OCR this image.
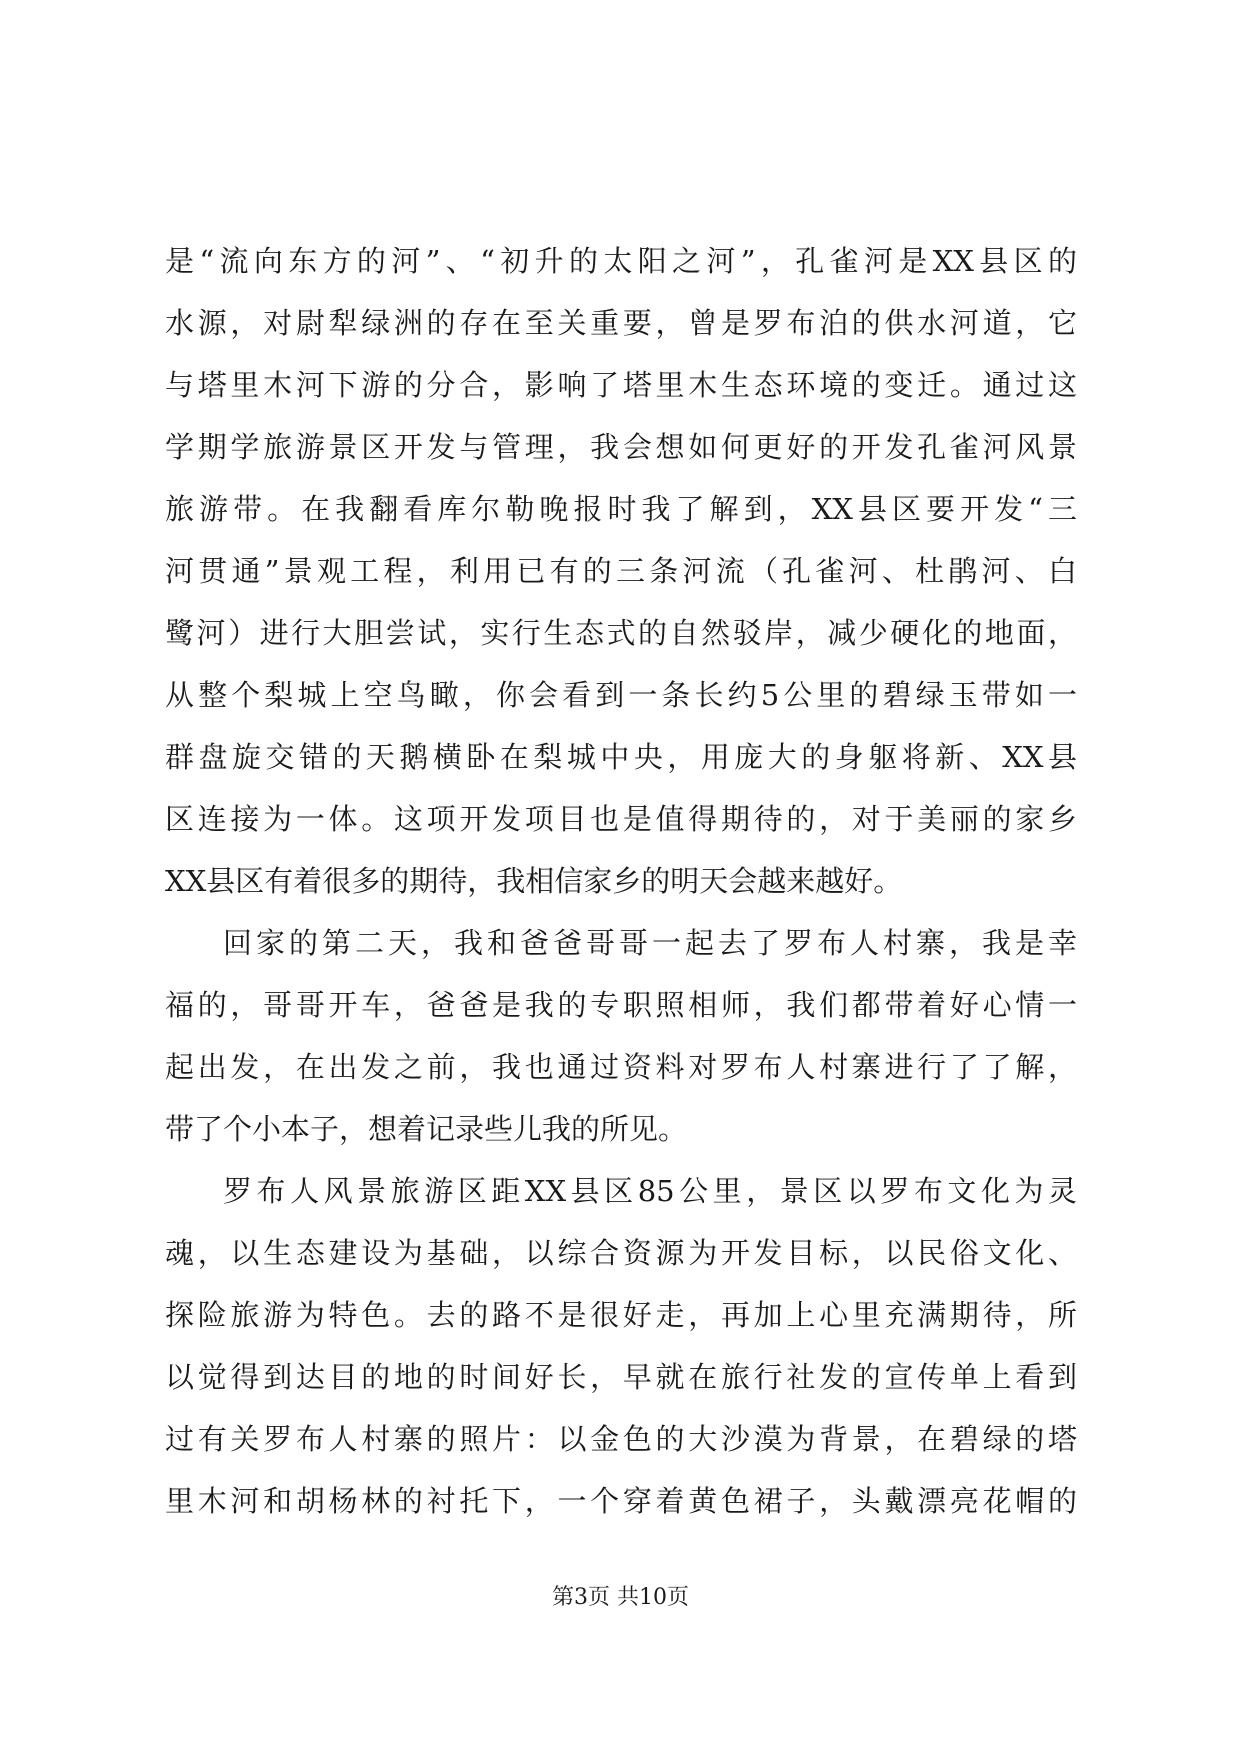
是“流向东方的河”、“初升的太阳之河”，孔雀河是XX县区的
水源，对尉犁绿洲的存在至关重要，曾是罗布泊的供水河道，它
与塔里木河下游的分合，影响了塔里木生态环境的变迁。通过这
学期学旅游景区开发与管理，我会想如何更好的开发孔雀河风景
旅游带。在我翻看库尔勒晚报时我了解到，XX县区要开发“三
河贯通”景观工程，利用已有的三条河流（孔雀河、杜鹃河、白
鹭河）进行大胆尝试，实行生态式的自然驳岸，减少硬化的地面，
从整个梨城上空鸟瞰，你会看到一条长约5公里的碧绿玉带如一
群盘旋交错的天鹅横卧在梨城中央，用庞大的身躯将新、XX县
区连接为一体。这项开发项目也是值得期待的，对于美丽的家乡
XX县区有着很多的期待，我相信家乡的明天会越来越好。
回家的第二天，我和爸爸哥哥一起去了罗布人村寨，我是幸
福的，哥哥开车，爸爸是我的专职照相师，我们都带着好心情一
起出发，在出发之前，我也通过资料对罗布人村寨进行了了解，
带了个小本子，想着记录些儿我的所见。
罗布人风景旅游区距XX县区85公里，景区以罗布文化为灵
魂，以生态建设为基础，以综合资源为开发目标，以民俗文化、
探险旅游为特色。去的路不是很好走，再加上心里充满期待，所
以觉得到达目的地的时间好长，早就在旅行社发的宣传单上看到
过有关罗布人村寨的照片：以金色的大沙漠为背景，在碧绿的塔
里木河和胡杨林的衬托下，一个穿着黄色裙子，头戴漂亮花帽的
第3页 共10页
